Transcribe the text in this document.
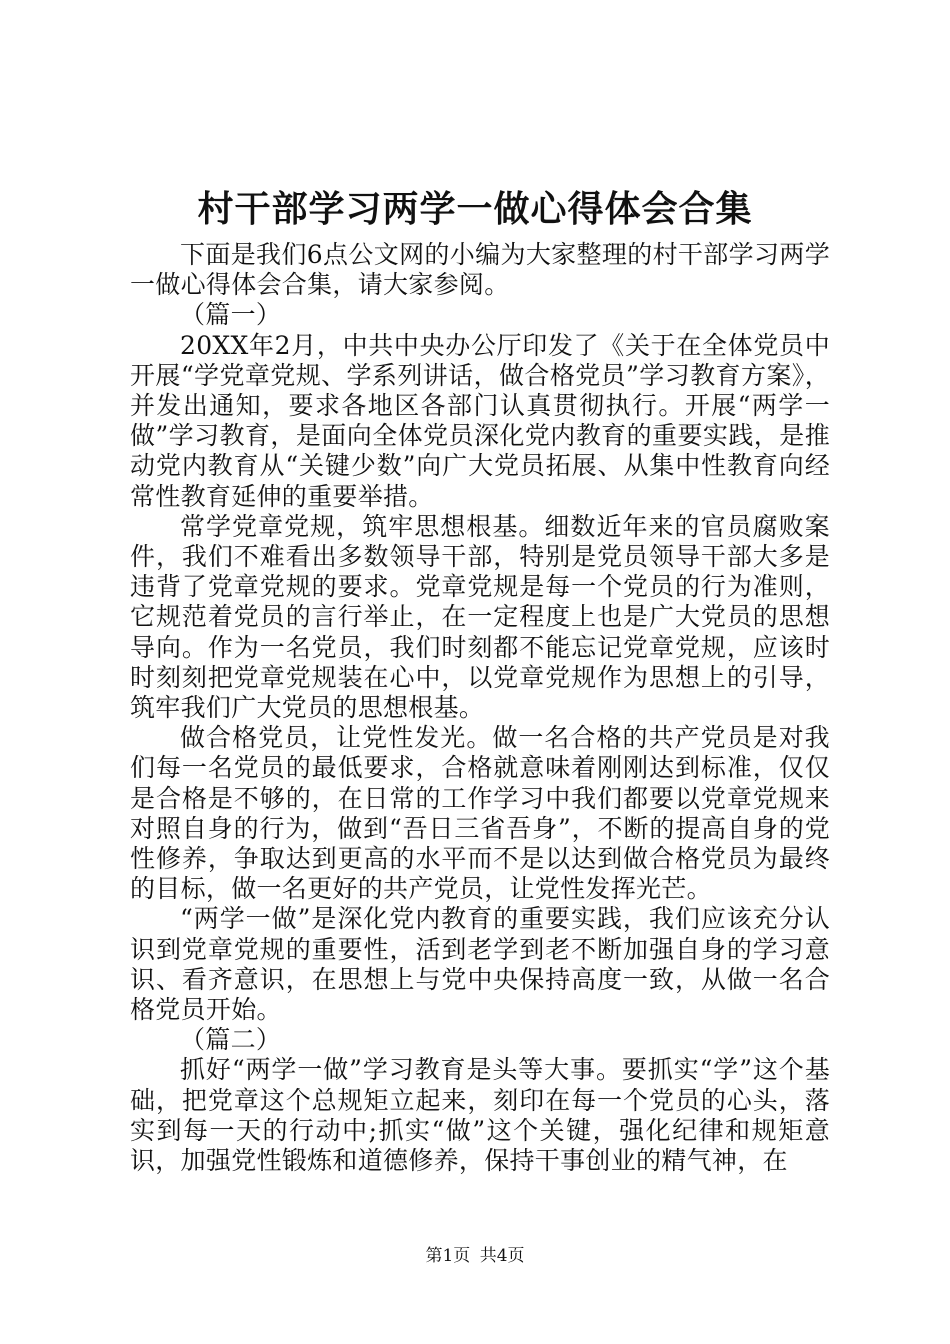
村干部学习两学一做心得体会合集

下面是我们6点公文网的小编为大家整理的村干部学习两学一做心得体会合集，请大家参阅。

（篇一）

20XX年2月，中共中央办公厅印发了《关于在全体党员中开展“学党章党规、学系列讲话，做合格党员”学习教育方案》，并发出通知，要求各地区各部门认真贯彻执行。开展“两学一做”学习教育，是面向全体党员深化党内教育的重要实践，是推动党内教育从“关键少数”向广大党员拓展、从集中性教育向经常性教育延伸的重要举措。

常学党章党规，筑牢思想根基。细数近年来的官员腐败案件，我们不难看出多数领导干部，特别是党员领导干部大多是违背了党章党规的要求。党章党规是每一个党员的行为准则，它规范着党员的言行举止，在一定程度上也是广大党员的思想导向。作为一名党员，我们时刻都不能忘记党章党规，应该时时刻刻把党章党规装在心中，以党章党规作为思想上的引导，筑牢我们广大党员的思想根基。

做合格党员，让党性发光。做一名合格的共产党员是对我们每一名党员的最低要求，合格就意味着刚刚达到标准，仅仅是合格是不够的，在日常的工作学习中我们都要以党章党规来对照自身的行为，做到“吾日三省吾身”，不断的提高自身的党性修养，争取达到更高的水平而不是以达到做合格党员为最终的目标，做一名更好的共产党员，让党性发挥光芒。

“两学一做”是深化党内教育的重要实践，我们应该充分认识到党章党规的重要性，活到老学到老不断加强自身的学习意识、看齐意识，在思想上与党中央保持高度一致，从做一名合格党员开始。

（篇二）

抓好“两学一做”学习教育是头等大事。要抓实“学”这个基础，把党章这个总规矩立起来，刻印在每一个党员的心头，落实到每一天的行动中;抓实“做”这个关键，强化纪律和规矩意识，加强党性锻炼和道德修养，保持干事创业的精气神，在

第1页 共4页
